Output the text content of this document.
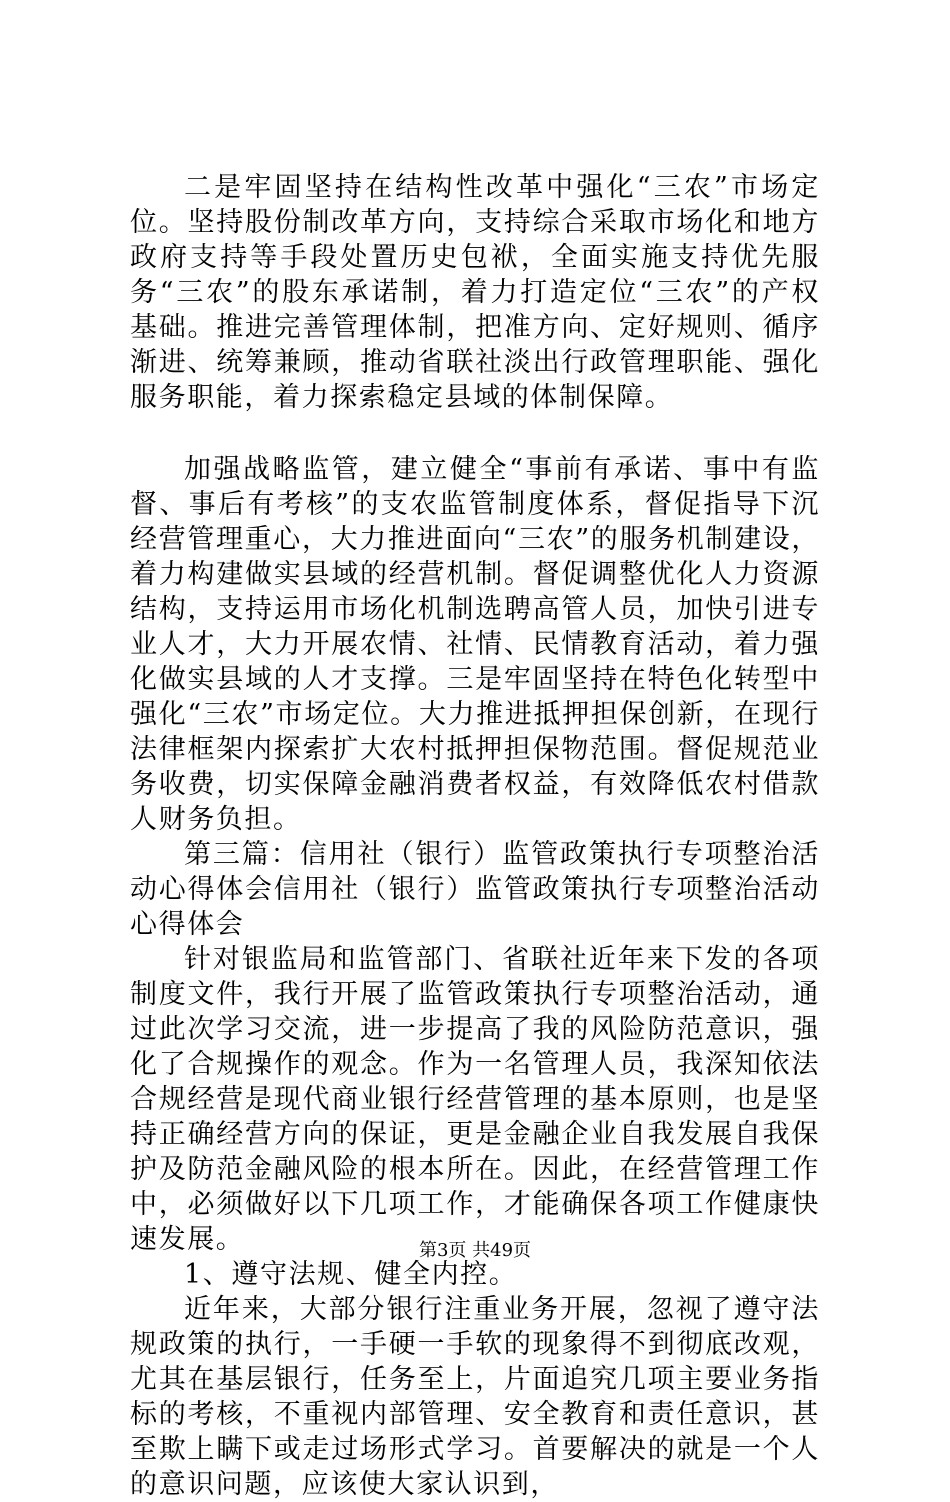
二是牢固坚持在结构性改革中强化“三农”市场定位。坚持股份制改革方向，支持综合采取市场化和地方政府支持等手段处置历史包袱，全面实施支持优先服务“三农”的股东承诺制，着力打造定位“三农”的产权基础。推进完善管理体制，把准方向、定好规则、循序渐进、统筹兼顾，推动省联社淡出行政管理职能、强化服务职能，着力探索稳定县域的体制保障。

加强战略监管，建立健全“事前有承诺、事中有监督、事后有考核”的支农监管制度体系，督促指导下沉经营管理重心，大力推进面向“三农”的服务机制建设，着力构建做实县域的经营机制。督促调整优化人力资源结构，支持运用市场化机制选聘高管人员，加快引进专业人才，大力开展农情、社情、民情教育活动，着力强化做实县域的人才支撑。三是牢固坚持在特色化转型中强化“三农”市场定位。大力推进抵押担保创新，在现行法律框架内探索扩大农村抵押担保物范围。督促规范业务收费，切实保障金融消费者权益，有效降低农村借款人财务负担。

第三篇：信用社（银行）监管政策执行专项整治活动心得体会信用社（银行）监管政策执行专项整治活动心得体会

针对银监局和监管部门、省联社近年来下发的各项制度文件，我行开展了监管政策执行专项整治活动，通过此次学习交流，进一步提高了我的风险防范意识，强化了合规操作的观念。作为一名管理人员，我深知依法合规经营是现代商业银行经营管理的基本原则，也是坚持正确经营方向的保证，更是金融企业自我发展自我保护及防范金融风险的根本所在。因此，在经营管理工作中，必须做好以下几项工作，才能确保各项工作健康快速发展。

1、遵守法规、健全内控。

近年来，大部分银行注重业务开展，忽视了遵守法规政策的执行，一手硬一手软的现象得不到彻底改观，尤其在基层银行，任务至上，片面追究几项主要业务指标的考核，不重视内部管理、安全教育和责任意识，甚至欺上瞒下或走过场形式学习。首要解决的就是一个人的意识问题，应该使大家认识到，

第3页 共49页
